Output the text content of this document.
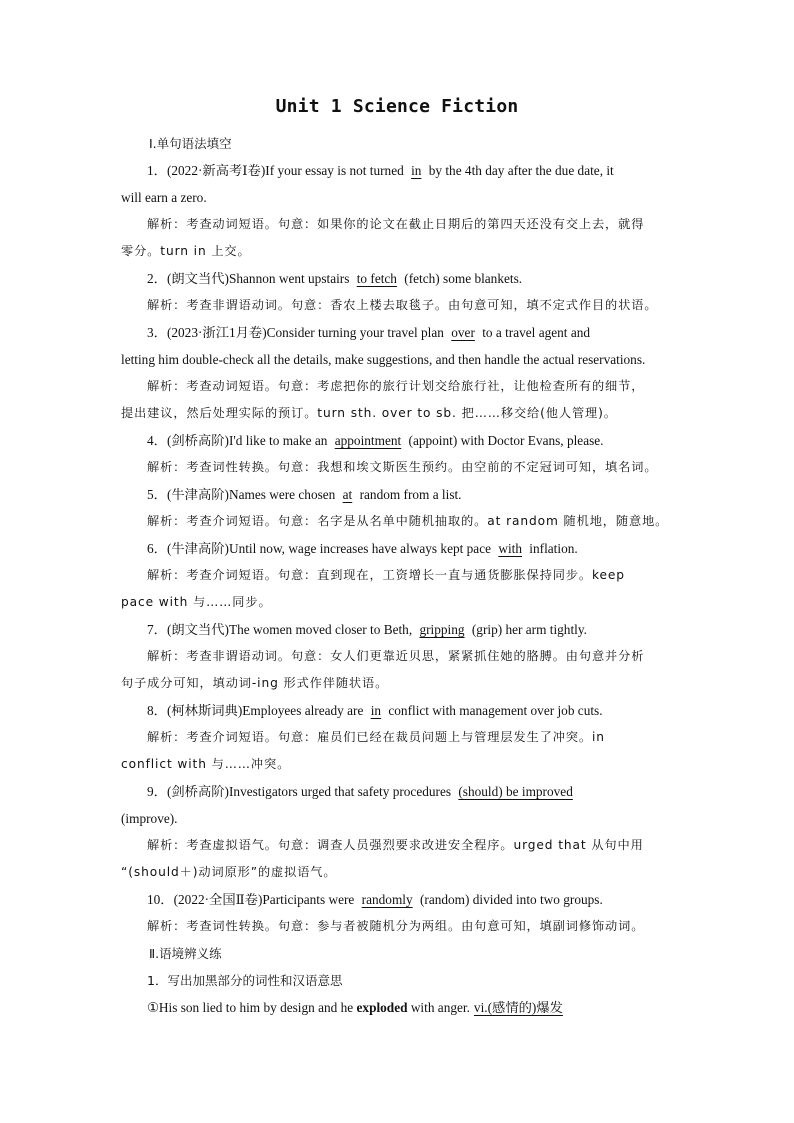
Unit 1 Science Fiction
Ⅰ.单句语法填空
1．(2022·新高考Ⅰ卷)If your essay is not turned in by the 4th day after the due date, it
will earn a zero.
解析：考查动词短语。句意：如果你的论文在截止日期后的第四天还没有交上去，就得
零分。turn in 上交。
2．(朗文当代)Shannon went upstairs to fetch (fetch) some blankets.
解析：考查非谓语动词。句意：香农上楼去取毯子。由句意可知，填不定式作目的状语。
3．(2023·浙江1月卷)Consider turning your travel plan over to a travel agent and
letting him double-check all the details, make suggestions, and then handle the actual reservations.
解析：考查动词短语。句意：考虑把你的旅行计划交给旅行社，让他检查所有的细节，
提出建议，然后处理实际的预订。turn sth. over to sb. 把……移交给(他人管理)。
4．(剑桥高阶)I'd like to make an appointment (appoint) with Doctor Evans, please.
解析：考查词性转换。句意：我想和埃文斯医生预约。由空前的不定冠词可知，填名词。
5．(牛津高阶)Names were chosen at random from a list.
解析：考查介词短语。句意：名字是从名单中随机抽取的。at random 随机地，随意地。
6．(牛津高阶)Until now, wage increases have always kept pace with inflation.
解析：考查介词短语。句意：直到现在，工资增长一直与通货膨胀保持同步。keep
pace with 与……同步。
7．(朗文当代)The women moved closer to Beth, gripping (grip) her arm tightly.
解析：考查非谓语动词。句意：女人们更靠近贝思，紧紧抓住她的胳膊。由句意并分析
句子成分可知，填动词-ing 形式作伴随状语。
8．(柯林斯词典)Employees already are in conflict with management over job cuts.
解析：考查介词短语。句意：雇员们已经在裁员问题上与管理层发生了冲突。in
conflict with 与……冲突。
9．(剑桥高阶)Investigators urged that safety procedures (should) be improved
(improve).
解析：考查虚拟语气。句意：调查人员强烈要求改进安全程序。urged that 从句中用
“(should＋)动词原形”的虚拟语气。
10．(2022·全国Ⅱ卷)Participants were randomly (random) divided into two groups.
解析：考查词性转换。句意：参与者被随机分为两组。由句意可知，填副词修饰动词。
Ⅱ.语境辨义练
1．写出加黑部分的词性和汉语意思
①His son lied to him by design and he exploded with anger. vi.(感情的)爆发
